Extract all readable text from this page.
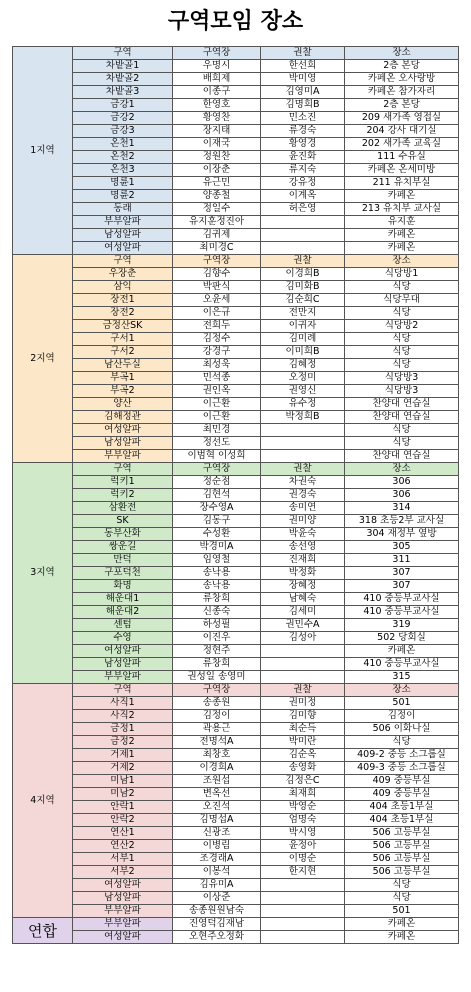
구역모임 장소
1지역	구역	구역장	권찰	장소
	차밭골1	우명시	한선희	2층 본당
	차밭골2	배희제	박미영	카페온 오사랑방
	차밭골3	이종구	김영미A	카페온 참가자리
	금강1	한영호	김명희B	2층 본당
	금강2	황영찬	민소진	209 새가족 영접실
	금강3	장지태	류경숙	204 강사 대기실
	온천1	이재국	황영경	202 새가족 교육실
	온천2	정원찬	윤진화	111 수유실
	온천3	이장춘	류지숙	카페온 온세미방
	명륜1	유근민	강유정	211 유치부실
	명륜2	양종철	이계옥	카페온
	동래	정일수	허은영	213 유치부 교사실
	부부알파	유지훈정진아		유지훈
	남성알파	김귀제		카페온
	여성알파	최미경C		카페온
2지역	구역	구역장	권찰	장소
	우장춘	김향수	이경희B	식당방1
	삼익	박판식	김미화B	식당
	장전1	오윤세	김순희C	식당무대
	장전2	이은규	전만지	식당
	금정산SK	전희두	이귀자	식당방2
	구서1	김정수	김미례	식당
	구서2	강경구	이미희B	식당
	남산두실	최성욱	김혜정	식당
	부곡1	민석종	오정미	식당방3
	부곡2	권인옥	권영신	식당방3
	양산	이근환	유수정	찬양대 연습실
	김해정관	이근환	박정희B	찬양대 연습실
	여성알파	최민경		식당
	남성알파	정선도		식당
	부부알파	이범혁 이성희		찬양대 연습실
3지역	구역	구역장	권찰	장소
	럭키1	정순점	차권숙	306
	럭키2	김현석	권경숙	306
	삼환전	장수영A	송미연	314
	SK	김동구	권미양	318 초등2부 교사실
	동부산화	수성환	박윤숙	304 재정부 옆방
	쌍운길	박경미A	송선영	305
	만덕	임영철	진재희	311
	구포덕천	송낙용	박정화	307
	화명	송낙용	장혜정	307
	해운대1	류창희	남혜숙	410 중등부교사실
	해운대2	신종숙	김세미	410 중등부교사실
	센텀	하성필	권민수A	319
	수영	이진우	김성아	502 당회실
	여성알파	정현주		카페온
	남성알파	류창희		410 중등부교사실
	부부알파	권성일 송영미		315
4지역	구역	구역장	권찰	장소
	사직1	송종원	권미정	501
	사직2	김정이	김미향	김정이
	금정1	곽용근	최순득	506 이화나실
	금정2	전명석A	박미란	식당
	거제1	최창호	김순옥	409-2 중등 소그룹실
	거제2	이경희A	송영화	409-3 중등 소그룹실
	미남1	조원섭	김정은C	409 중등부실
	미남2	변옥선	최재희	409 중등부실
	안락1	오진석	박영순	404 초등1부실
	안락2	김명섭A	엄명숙	404 초등1부실
	연산1	신광조	박시영	506 고등부실
	연산2	이병림	윤정아	506 고등부실
	서부1	조경래A	이명순	506 고등부실
	서부2	이봉석	한지현	506 고등부실
	여성알파	김유미A		식당
	남성알파	이상준		식당
	부부알파	송종원원남숙		501
연합	부부알파	진영덕김재남		카페온
	여성알파	오현주오정화		카페온
